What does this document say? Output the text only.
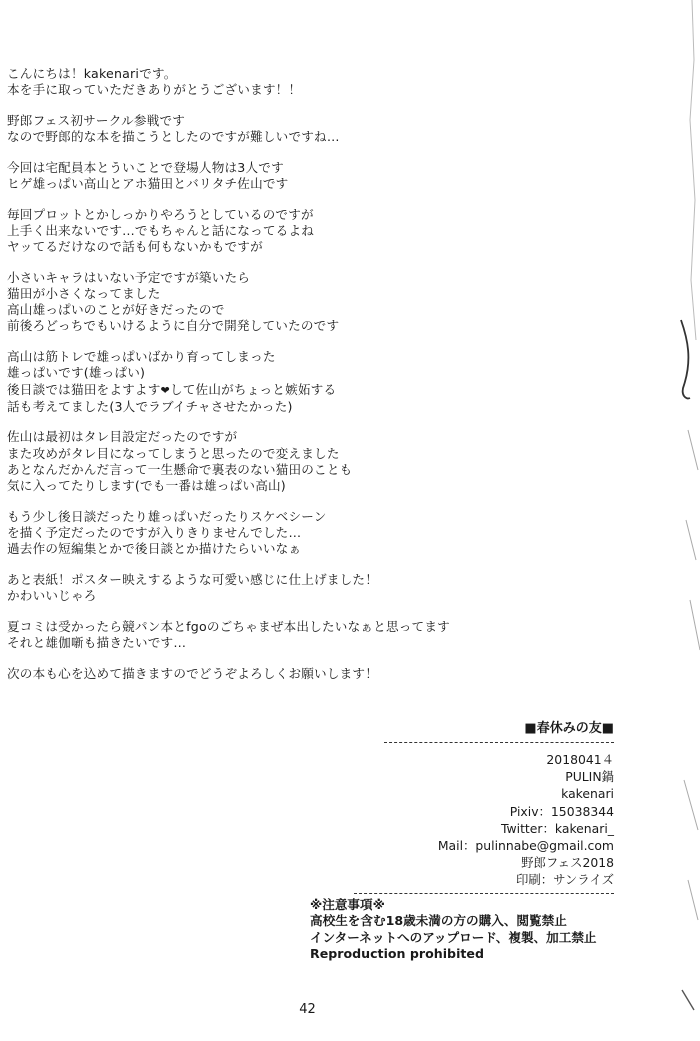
こんにちは！kakenariです。
本を手に取っていただきありがとうございます！！
野郎フェス初サークル参戦です
なので野郎的な本を描こうとしたのですが難しいですね…
今回は宅配員本とういことで登場人物は3人です
ヒゲ雄っぱい高山とアホ猫田とバリタチ佐山です
毎回プロットとかしっかりやろうとしているのですが
上手く出来ないです…でもちゃんと話になってるよね
ヤッてるだけなので話も何もないかもですが
小さいキャラはいない予定ですが築いたら
猫田が小さくなってました
高山雄っぱいのことが好きだったので
前後ろどっちでもいけるように自分で開発していたのです
高山は筋トレで雄っぱいばかり育ってしまった
雄っぱいです(雄っぱい)
後日談では猫田をよすよす❤して佐山がちょっと嫉妬する
話も考えてました(3人でラブイチャさせたかった)
佐山は最初はタレ目設定だったのですが
また攻めがタレ目になってしまうと思ったので変えました
あとなんだかんだ言って一生懸命で裏表のない猫田のことも
気に入ってたりします(でも一番は雄っぱい高山)
もう少し後日談だったり雄っぱいだったりスケベシーン
を描く予定だったのですが入りきりませんでした…
過去作の短編集とかで後日談とか描けたらいいなぁ
あと表紙！ポスター映えするような可愛い感じに仕上げました！
かわいいじゃろ
夏コミは受かったら競パン本とfgoのごちゃまぜ本出したいなぁと思ってます
それと雄伽噺も描きたいです…
次の本も心を込めて描きますのでどうぞよろしくお願いします！
■春休みの友■
2018041４
PULIN鍋
kakenari
Pixiv：15038344
Twitter：kakenari_
Mail：pulinnabe@gmail.com
野郎フェス2018
印刷：サンライズ
※注意事項※
高校生を含む18歳未満の方の購入、閲覧禁止
インターネットへのアップロード、複製、加工禁止
Reproduction prohibited
42
